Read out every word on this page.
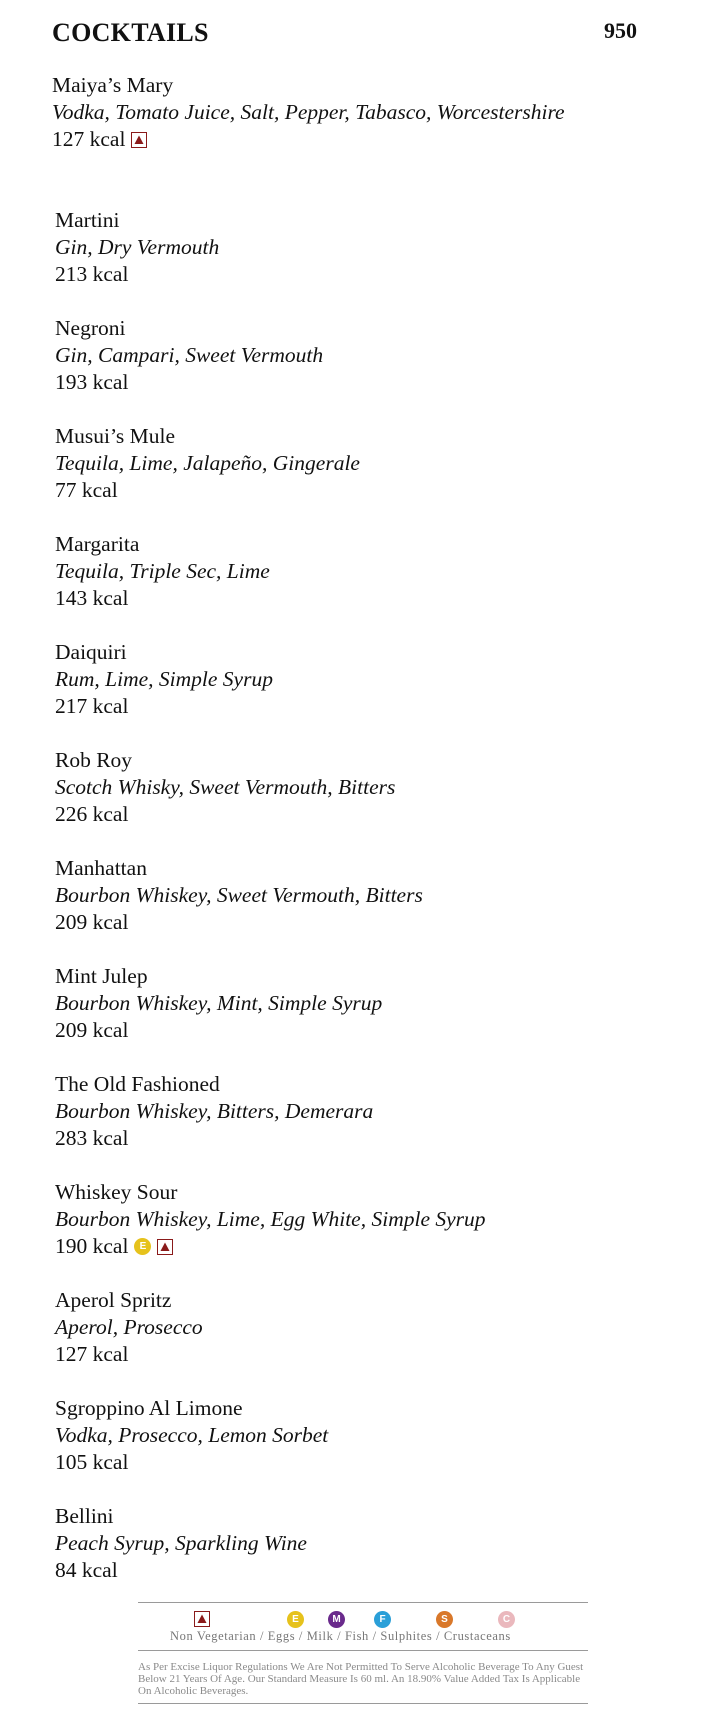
COCKTAILS	950
Maiya’s Mary
Vodka, Tomato Juice, Salt, Pepper, Tabasco, Worcestershire
127 kcal
Martini
Gin, Dry Vermouth
213 kcal
Negroni
Gin, Campari, Sweet Vermouth
193 kcal
Musui’s Mule
Tequila, Lime, Jalapeño, Gingerale
77 kcal
Margarita
Tequila, Triple Sec, Lime
143 kcal
Daiquiri
Rum, Lime, Simple Syrup
217 kcal
Rob Roy
Scotch Whisky, Sweet Vermouth, Bitters
226 kcal
Manhattan
Bourbon Whiskey, Sweet Vermouth, Bitters
209 kcal
Mint Julep
Bourbon Whiskey, Mint, Simple Syrup
209 kcal
The Old Fashioned
Bourbon Whiskey, Bitters, Demerara
283 kcal
Whiskey Sour
Bourbon Whiskey, Lime, Egg White, Simple Syrup
190 kcal	E
Aperol Spritz
Aperol, Prosecco
127 kcal
Sgroppino Al Limone
Vodka, Prosecco, Lemon Sorbet
105 kcal
Bellini
Peach Syrup, Sparkling Wine
84 kcal
E	M	F	S	C
Non Vegetarian / Eggs / Milk / Fish / Sulphites / Crustaceans
As Per Excise Liquor Regulations We Are Not Permitted To Serve Alcoholic Beverage To Any Guest Below 21 Years Of Age. Our Standard Measure Is 60 ml. An 18.90% Value Added Tax Is Applicable On Alcoholic Beverages.
